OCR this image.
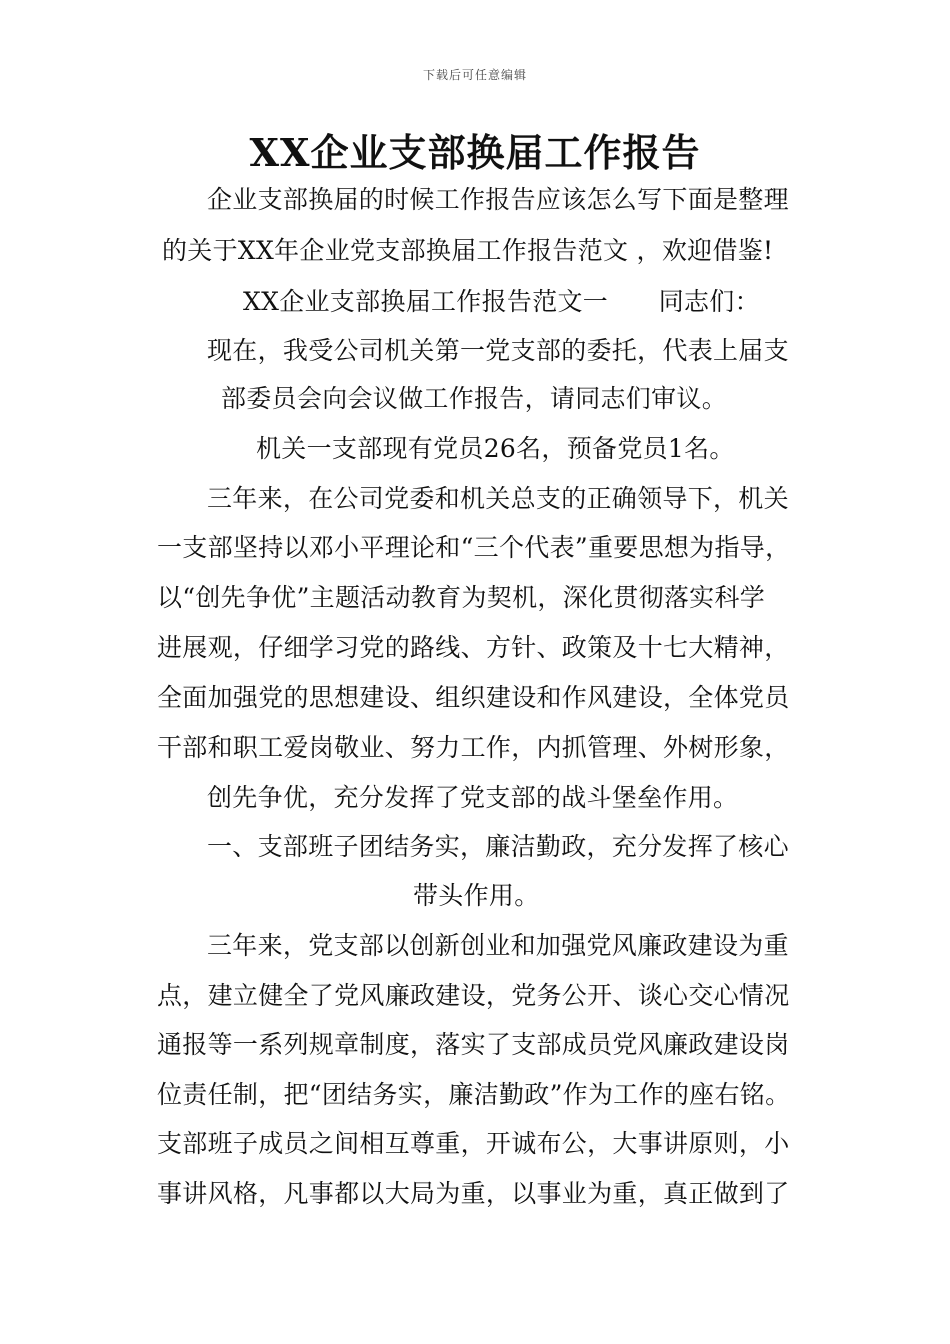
下载后可任意编辑
XX企业支部换届工作报告
企业支部换届的时候工作报告应该怎么写下面是整理
的关于XX年企业党支部换届工作报告范文 ，欢迎借鉴!
XX企业支部换届工作报告范文一　　同志们：
现在，我受公司机关第一党支部的委托，代表上届支
部委员会向会议做工作报告，请同志们审议。
机关一支部现有党员26名，预备党员1名。
三年来，在公司党委和机关总支的正确领导下，机关
一支部坚持以邓小平理论和“三个代表”重要思想为指导，
以“创先争优”主题活动教育为契机，深化贯彻落实科学
进展观，仔细学习党的路线、方针、政策及十七大精神，
全面加强党的思想建设、组织建设和作风建设，全体党员
干部和职工爱岗敬业、努力工作，内抓管理、外树形象，
创先争优，充分发挥了党支部的战斗堡垒作用。
一、支部班子团结务实，廉洁勤政，充分发挥了核心
带头作用。
三年来，党支部以创新创业和加强党风廉政建设为重
点，建立健全了党风廉政建设，党务公开、谈心交心情况
通报等一系列规章制度，落实了支部成员党风廉政建设岗
位责任制，把“团结务实，廉洁勤政”作为工作的座右铭。
支部班子成员之间相互尊重，开诚布公，大事讲原则，小
事讲风格，凡事都以大局为重，以事业为重，真正做到了
